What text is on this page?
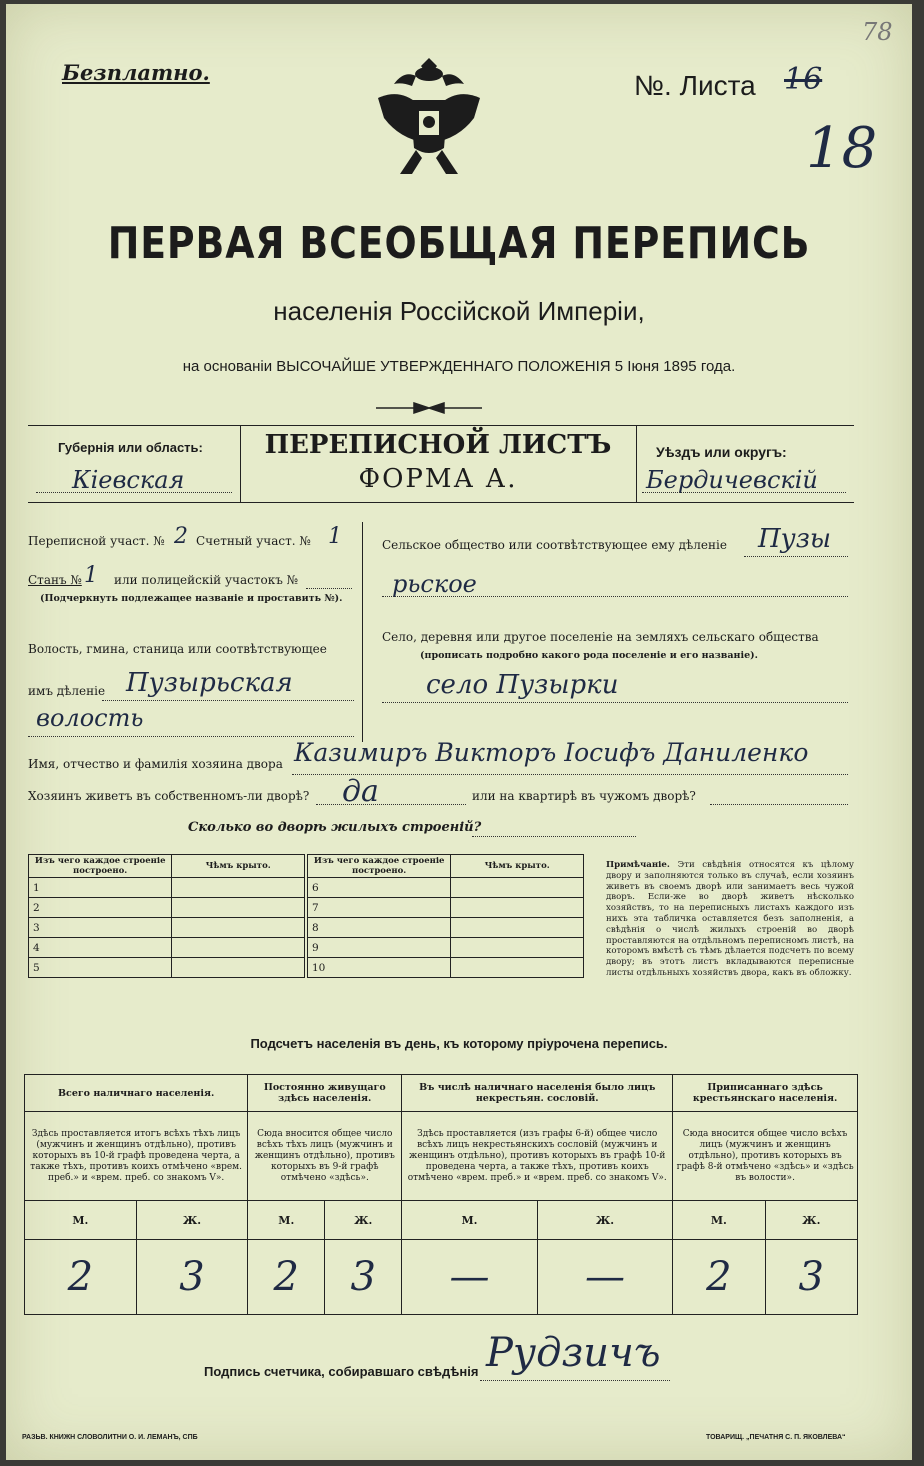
Безплатно.
78
№. Листа 16
18
ПЕРВАЯ ВСЕОБЩАЯ ПЕРЕПИСЬ
населенія Россійской Имперіи,
на основаніи ВЫСОЧАЙШЕ УТВЕРЖДЕННАГО ПОЛОЖЕНІЯ 5 Іюня 1895 года.
Губернія или область:
Кіевская
ПЕРЕПИСНОЙ ЛИСТЪ
ФОРМА А.
Уѣздъ или округъ:
Бердичевскій
Переписной участ. № 2 Счетный участ. № 1
Станъ № 1 или полицейскій участокъ №
(Подчеркнуть подлежащее названіе и проставить №).
Волость, гмина, станица или соотвѣтствующее
имъ дѣленіе Пузырьская
волость
Сельское общество или соотвѣтствующее ему дѣленіе Пузы
рьское
Село, деревня или другое поселеніе на земляхъ сельскаго общества
(прописать подробно какого рода поселеніе и его названіе).
село Пузырки
Имя, отчество и фамилія хозяина двора Казимиръ Викторъ Іосифъ Даниленко
Хозяинъ живетъ въ собственномъ-ли дворѣ? да	или на квартирѣ въ чужомъ дворѣ?
Сколько во дворѣ жилыхъ строеній?
Изъ чего каждое строеніе построено.	Чѣмъ крыто.	Изъ чего каждое строеніе построено.	Чѣмъ крыто.
1		6	
2		7	
3		8	
4		9	
5		10	
Примѣчаніе. Эти свѣдѣнія относятся къ цѣлому двору и заполняются только въ случаѣ, если хозяинъ живетъ въ своемъ дворѣ или занимаетъ весь чужой дворъ. Если-же во дворѣ живетъ нѣсколько хозяйствъ, то на переписныхъ листахъ каждого изъ нихъ эта табличка оставляется безъ заполненія, а свѣдѣнія о числѣ жилыхъ строеній во дворѣ проставляются на отдѣльномъ переписномъ листѣ, на которомъ вмѣстѣ съ тѣмъ дѣлается подсчетъ по всему двору; въ этотъ листъ вкладываются переписные листы отдѣльныхъ хозяйствъ двора, какъ въ обложку.
Подсчетъ населенія въ день, къ которому пріурочена перепись.
Всего наличнаго населенія.		Постоянно живущаго здѣсь населенія.		Въ числѣ наличнаго населенія было лицъ некрестьян. сословій.		Приписаннаго здѣсь крестьянскаго населенія.	
Здѣсь проставляется итогъ всѣхъ тѣхъ лицъ (мужчинъ и женщинъ отдѣльно), противъ которыхъ въ 10-й графѣ проведена черта, а также тѣхъ, противъ коихъ отмѣчено «врем. преб.» и «врем. преб. со знакомъ V».		Сюда вносится общее число всѣхъ тѣхъ лицъ (мужчинъ и женщинъ отдѣльно), противъ которыхъ въ 9-й графѣ отмѣчено «здѣсь».		Здѣсь проставляется (изъ графы 6-й) общее число всѣхъ лицъ некрестьянскихъ сословій (мужчинъ и женщинъ отдѣльно), противъ которыхъ въ графѣ 10-й проведена черта, а также тѣхъ, противъ коихъ отмѣчено «врем. преб.» и «врем. преб. со знакомъ V».		Сюда вносится общее число всѣхъ лицъ (мужчинъ и женщинъ отдѣльно), противъ которыхъ въ графѣ 8-й отмѣчено «здѣсь» и «здѣсь въ волости».	
М.	Ж.	М.	Ж.	М.	Ж.	М.	Ж.
2	3	2	3	—	—	2	3
Подпись счетчика, собиравшаго свѣдѣнія Рудзичъ
РАЗЬВ. КНИЖН СЛОВОЛИТНИ О. И. ЛЕМАНЪ, СПБ	ТОВАРИЩ. „ПЕЧАТНЯ С. П. ЯКОВЛЕВА“
